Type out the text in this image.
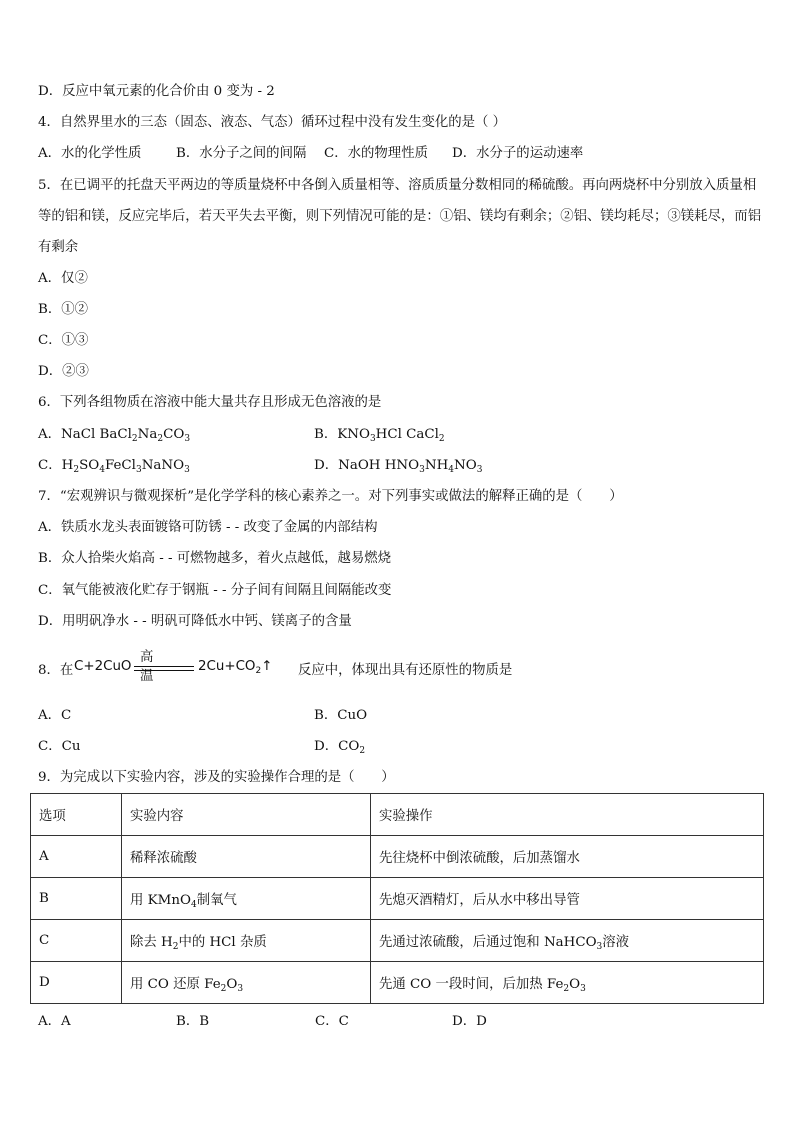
D．反应中氧元素的化合价由 0 变为 - 2
4．自然界里水的三态（固态、液态、气态）循环过程中没有发生变化的是（ ）
A．水的化学性质	B．水分子之间的间隔 C．水的物理性质 D．水分子的运动速率
5．在已调平的托盘天平两边的等质量烧杯中各倒入质量相等、溶质质量分数相同的稀硫酸。再向两烧杯中分别放入质量相等的铝和镁，反应完毕后，若天平失去平衡，则下列情况可能的是：①铝、镁均有剩余；②铝、镁均耗尽；③镁耗尽，而铝有剩余
A．仅②
B．①②
C．①③
D．②③
6．下列各组物质在溶液中能大量共存且形成无色溶液的是
A．NaCl $BaCl_2Na_2CO_3$	B．$KNO_3HCl$ CaCl$_2$
C．$H_2SO_4FeCl_3NaNO_3$	D．NaOH $HNO_3NH_4NO_3$
7．“宏观辨识与微观探析”是化学学科的核心素养之一。对下列事实或做法的解释正确的是（　　）
A．铁质水龙头表面镀铬可防锈 - - 改变了金属的内部结构
B．众人拾柴火焰高 - - 可燃物越多，着火点越低，越易燃烧
C．氧气能被液化贮存于钢瓶 - - 分子间有间隔且间隔能改变
D．用明矾净水 - - 明矾可降低水中钙、镁离子的含量
8．在 C+2CuO
高温
$2Cu+CO_2↑$ 反应中，体现出具有还原性的物质是
A．C	B．CuO
C．Cu	D．$CO_2$
9．为完成以下实验内容，涉及的实验操作合理的是（　　）
选项	实验内容	实验操作
A	稀释浓硫酸	先往烧杯中倒浓硫酸，后加蒸馏水
B	用 KMnO$_4$制氧气	先熄灭酒精灯，后从水中移出导管
C	除去 $H_2$中的 HCl 杂质	先通过浓硫酸，后通过饱和 NaHCO$_3$溶液
D	用 CO 还原 $Fe_2O_3$	先通 CO 一段时间，后加热 $Fe_2O_3$
A．A	B．B	C．C	D．D
